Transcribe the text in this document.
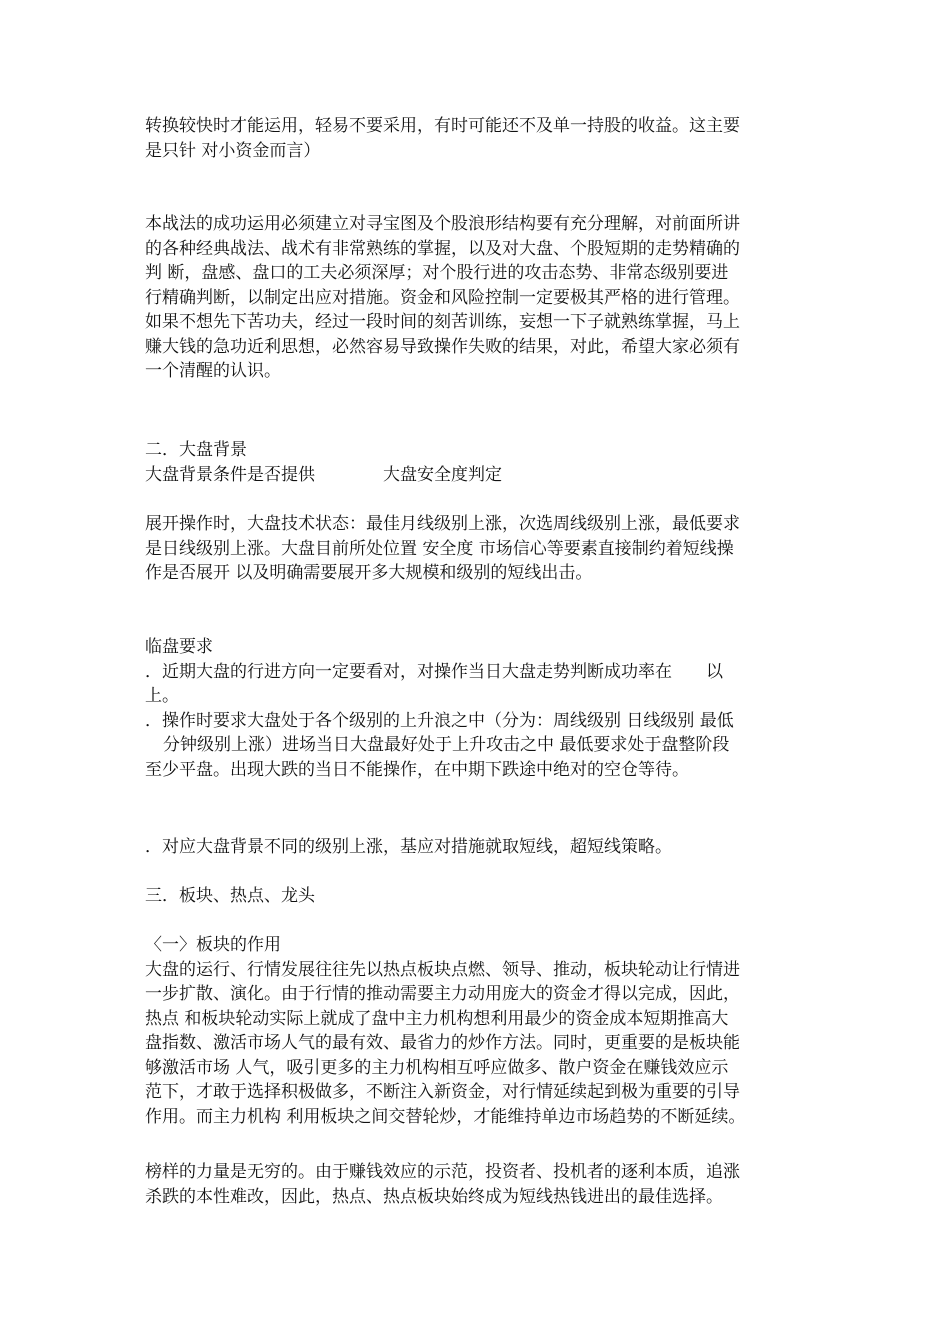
转换较快时才能运用，轻易不要采用，有时可能还不及单一持股的收益。这主要
是只针 对小资金而言）
本战法的成功运用必须建立对寻宝图及个股浪形结构要有充分理解，对前面所讲
的各种经典战法、战术有非常熟练的掌握，以及对大盘、个股短期的走势精确的
判 断，盘感、盘口的工夫必须深厚；对个股行进的攻击态势、非常态级别要进
行精确判断，以制定出应对措施。资金和风险控制一定要极其严格的进行管理。
如果不想先下苦功夫，经过一段时间的刻苦训练，妄想一下子就熟练掌握，马上
赚大钱的急功近利思想，必然容易导致操作失败的结果，对此，希望大家必须有
一个清醒的认识。
二．大盘背景
大盘背景条件是否提供	大盘安全度判定
展开操作时，大盘技术状态：最佳月线级别上涨，次选周线级别上涨，最低要求
是日线级别上涨。大盘目前所处位置 安全度 市场信心等要素直接制约着短线操
作是否展开 以及明确需要展开多大规模和级别的短线出击。
临盘要求
．近期大盘的行进方向一定要看对，对操作当日大盘走势判断成功率在 以
上。
．操作时要求大盘处于各个级别的上升浪之中（分为：周线级别 日线级别 最低
分钟级别上涨）进场当日大盘最好处于上升攻击之中 最低要求处于盘整阶段
至少平盘。出现大跌的当日不能操作，在中期下跌途中绝对的空仓等待。
．对应大盘背景不同的级别上涨，基应对措施就取短线，超短线策略。
三．板块、热点、龙头
〈一〉板块的作用
大盘的运行、行情发展往往先以热点板块点燃、领导、推动，板块轮动让行情进
一步扩散、演化。由于行情的推动需要主力动用庞大的资金才得以完成，因此，
热点 和板块轮动实际上就成了盘中主力机构想利用最少的资金成本短期推高大
盘指数、激活市场人气的最有效、最省力的炒作方法。同时，更重要的是板块能
够激活市场 人气，吸引更多的主力机构相互呼应做多、散户资金在赚钱效应示
范下，才敢于选择积极做多，不断注入新资金，对行情延续起到极为重要的引导
作用。而主力机构 利用板块之间交替轮炒，才能维持单边市场趋势的不断延续。
榜样的力量是无穷的。由于赚钱效应的示范，投资者、投机者的逐利本质，追涨
杀跌的本性难改，因此，热点、热点板块始终成为短线热钱进出的最佳选择。
